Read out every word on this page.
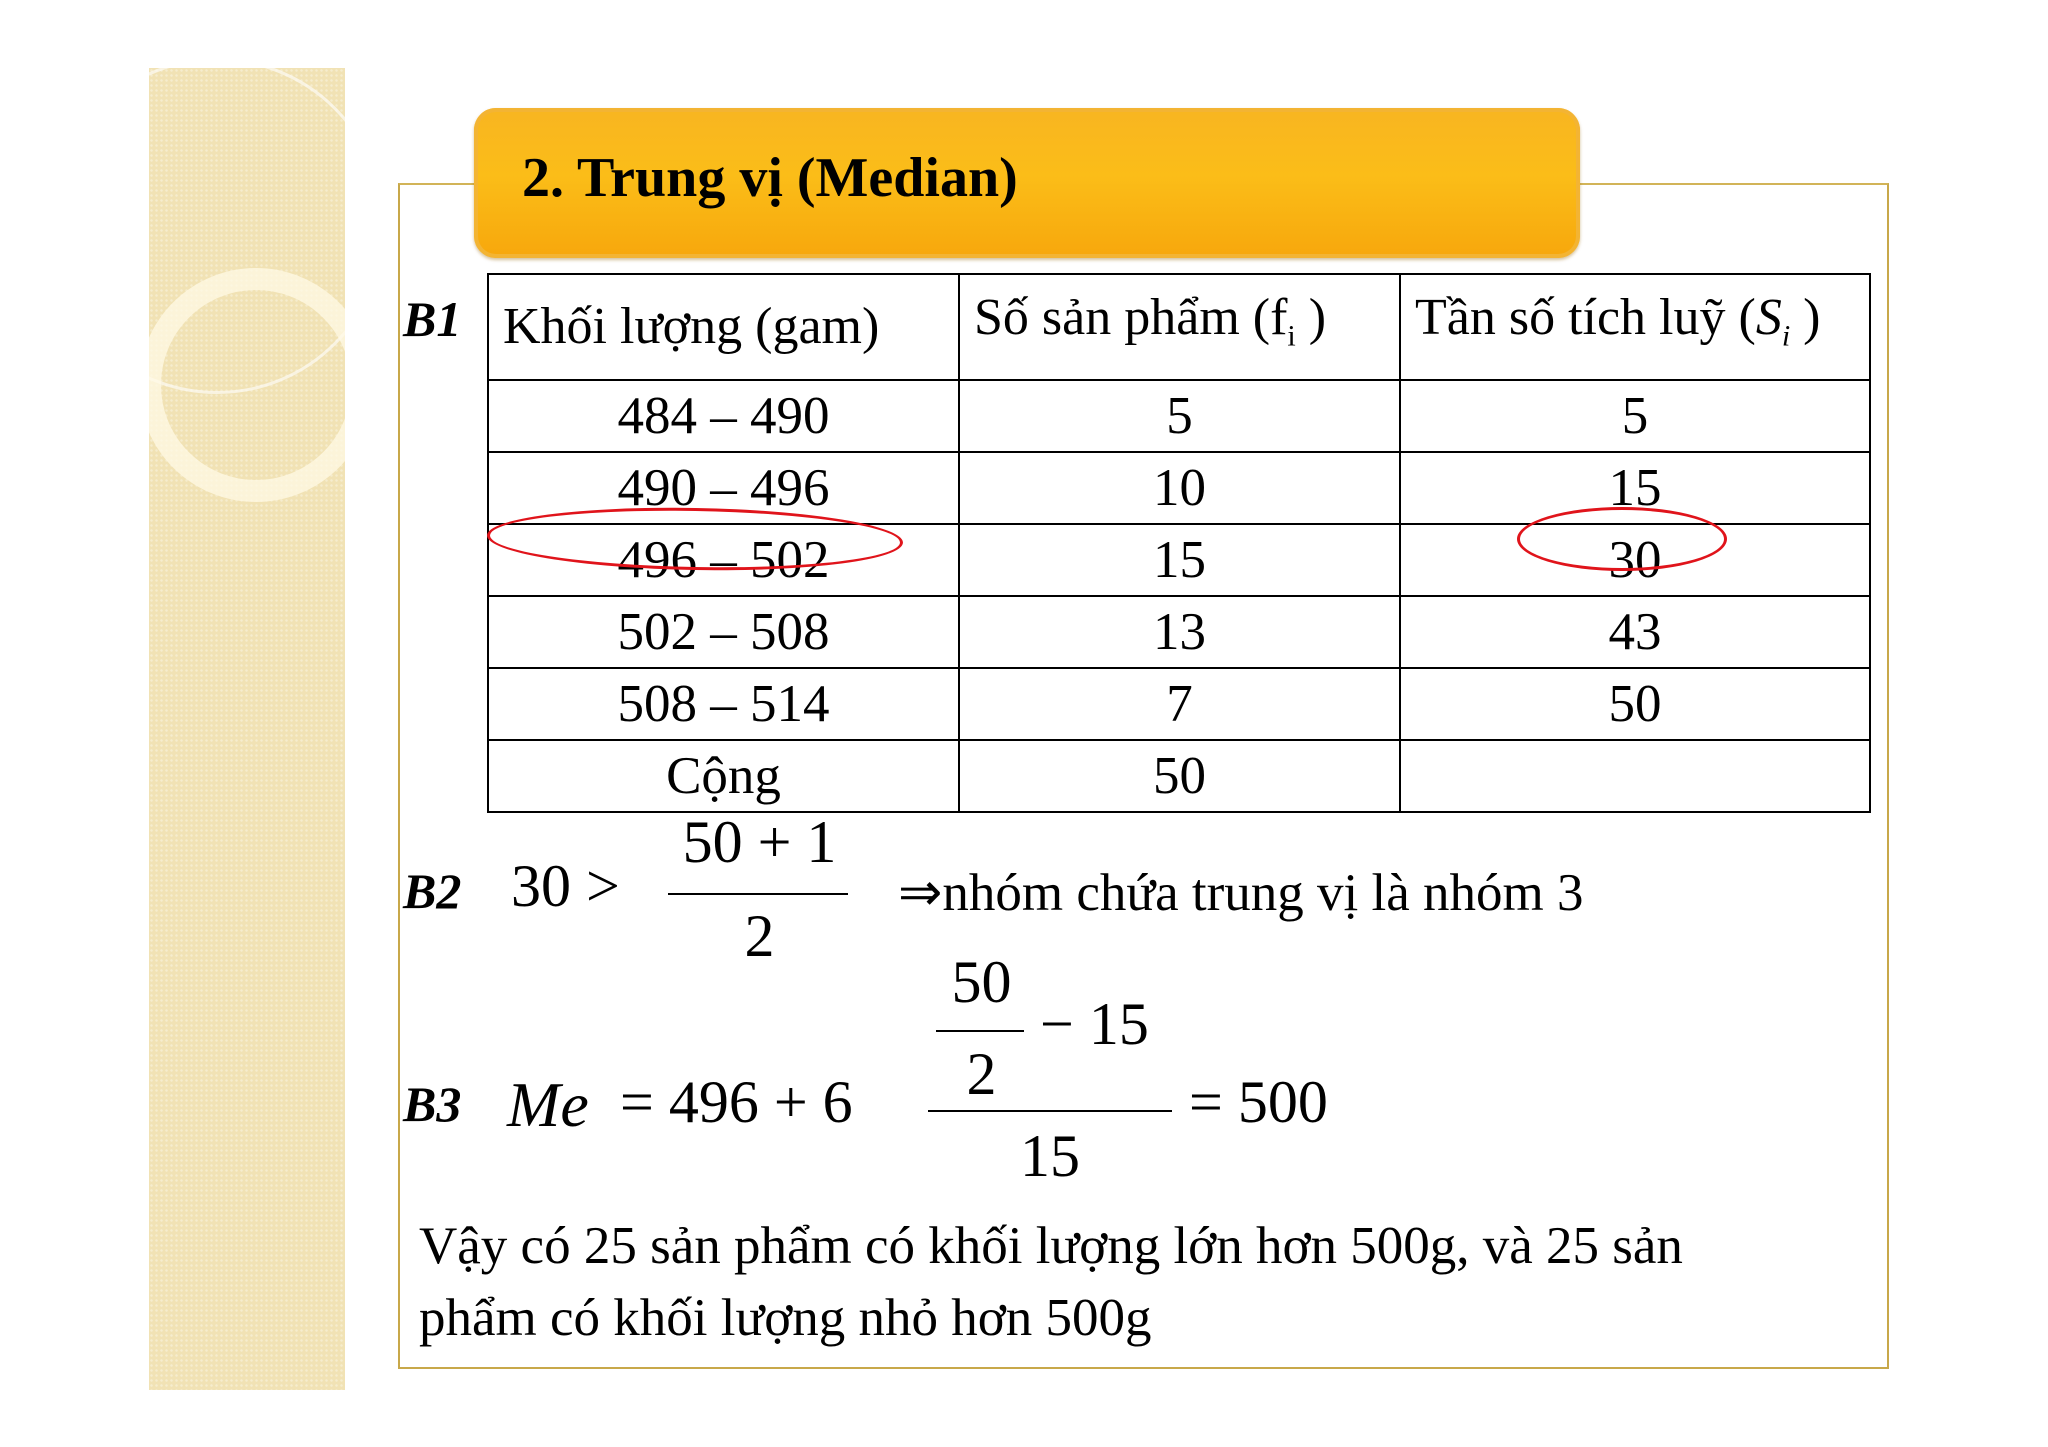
2. Trung vị (Median)
B1 Khối lượng (gam)	Số sản phẩm ($f_i$ )	Tần số tích luỹ ($S_i$ )
484 – 490	5	5
490 – 496	10	15
496 – 502	15	30
502 – 508	13	43
508 – 514	7	50
Cộng	50	
B2 30 >
50 + 1
2
⇒nhóm chứa trung vị là nhóm 3
B3 Me = 496 + 6
50
2
− 15
15
= 500
Vậy có 25 sản phẩm có khối lượng lớn hơn 500g, và 25 sản
phẩm có khối lượng nhỏ hơn 500g
